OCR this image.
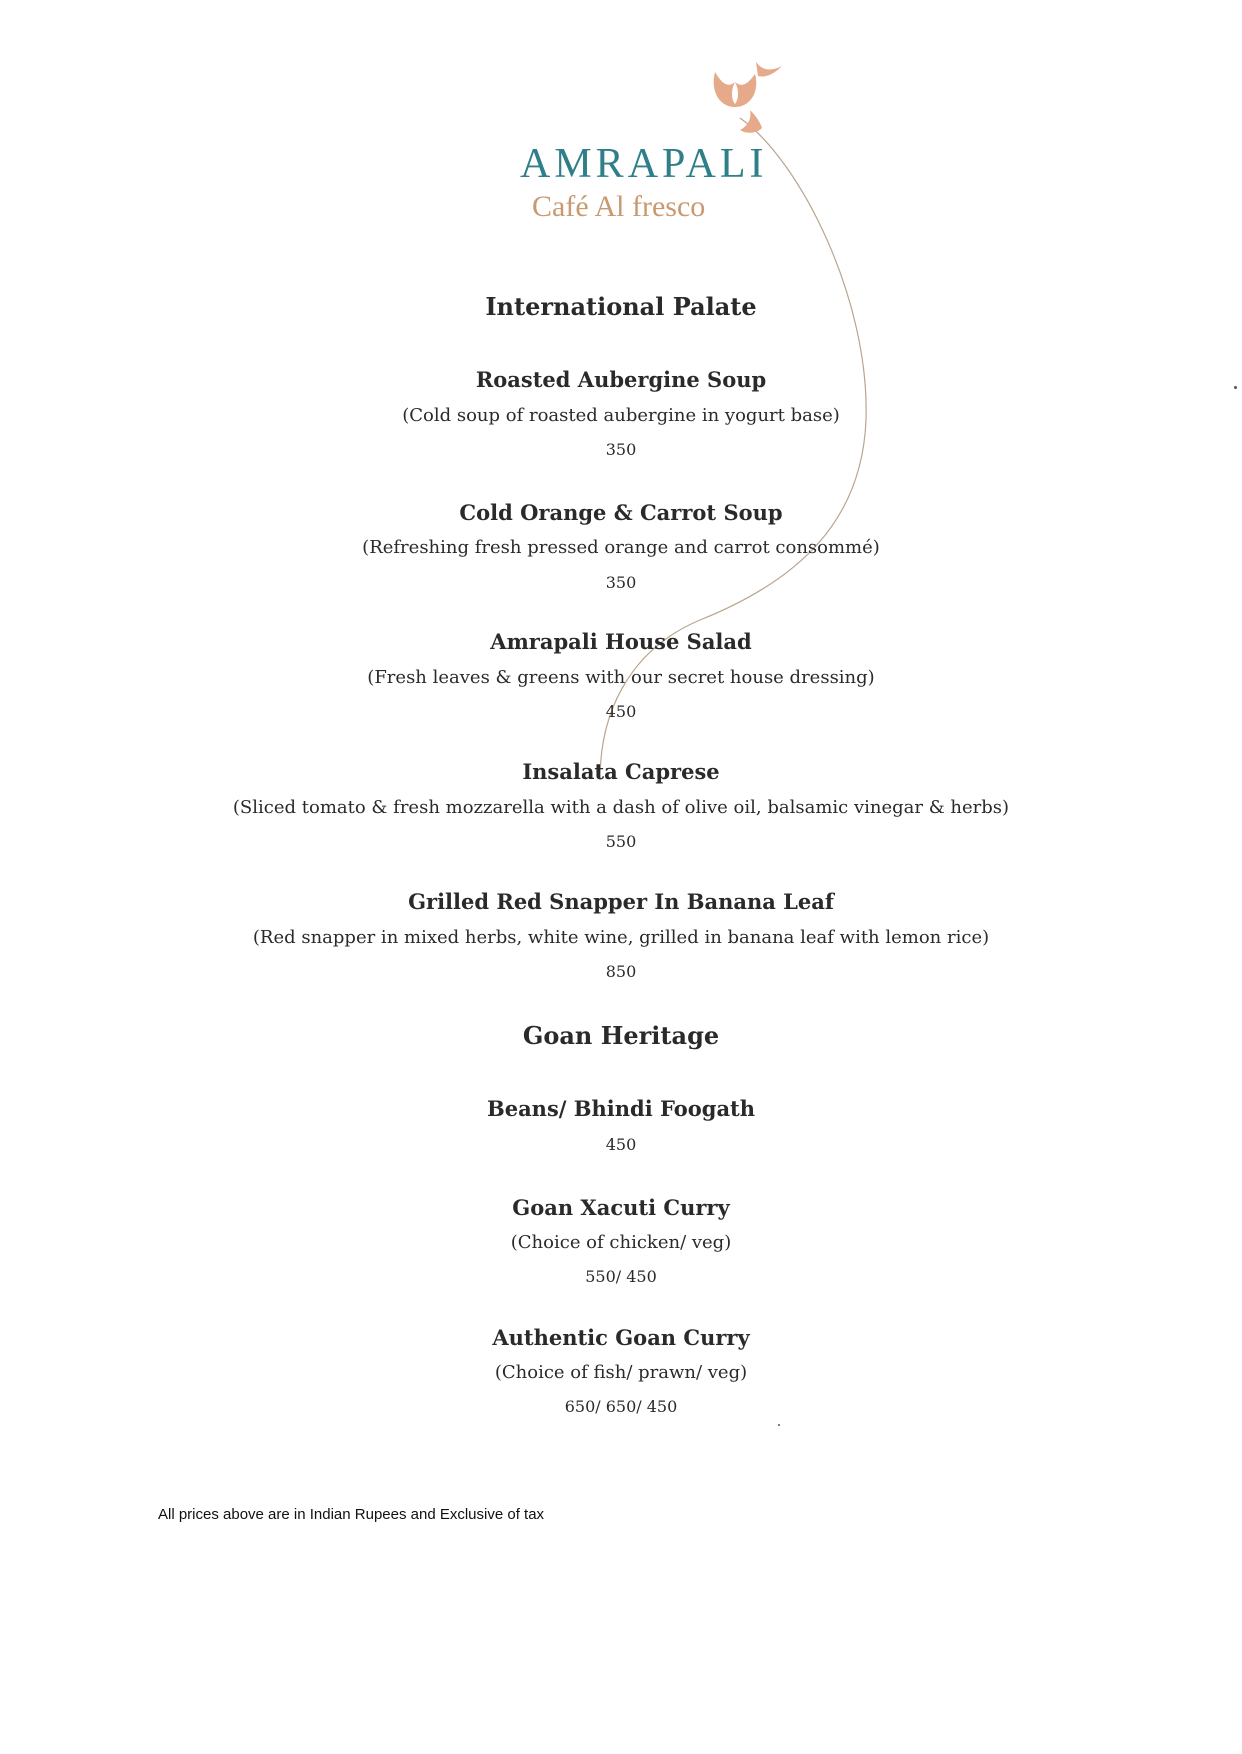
AMRAPALI
Café Al fresco
International Palate
Roasted Aubergine Soup
(Cold soup of roasted aubergine in yogurt base)
350
Cold Orange & Carrot Soup
(Refreshing fresh pressed orange and carrot consommé)
350
Amrapali House Salad
(Fresh leaves & greens with our secret house dressing)
450
Insalata Caprese
(Sliced tomato & fresh mozzarella with a dash of olive oil, balsamic vinegar & herbs)
550
Grilled Red Snapper In Banana Leaf
(Red snapper in mixed herbs, white wine, grilled in banana leaf with lemon rice)
850
Goan Heritage
Beans/ Bhindi Foogath
450
Goan Xacuti Curry
(Choice of chicken/ veg)
550/ 450
Authentic Goan Curry
(Choice of fish/ prawn/ veg)
650/ 650/ 450
All prices above are in Indian Rupees and Exclusive of tax
